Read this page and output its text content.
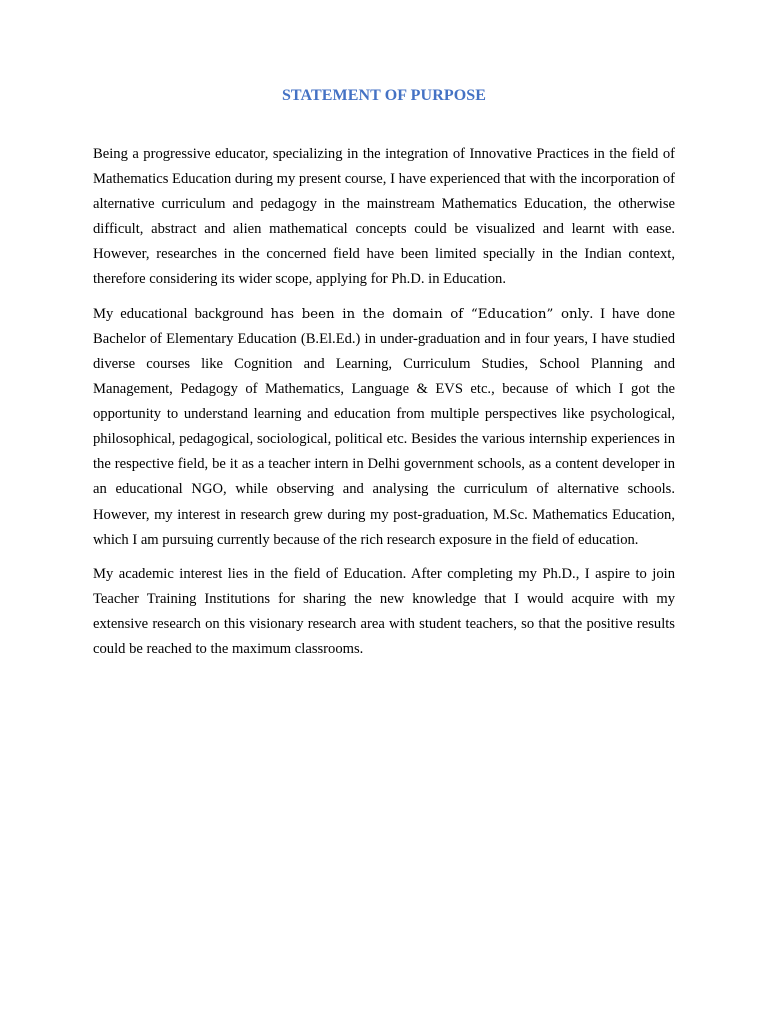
STATEMENT OF PURPOSE

Being a progressive educator, specializing in the integration of Innovative Practices in the field of Mathematics Education during my present course, I have experienced that with the incorporation of alternative curriculum and pedagogy in the mainstream Mathematics Education, the otherwise difficult, abstract and alien mathematical concepts could be visualized and learnt with ease. However, researches in the concerned field have been limited specially in the Indian context, therefore considering its wider scope, applying for Ph.D. in Education.

My educational background has been in the domain of “Education” only. I have done Bachelor of Elementary Education (B.El.Ed.) in under-graduation and in four years, I have studied diverse courses like Cognition and Learning, Curriculum Studies, School Planning and Management, Pedagogy of Mathematics, Language & EVS etc., because of which I got the opportunity to understand learning and education from multiple perspectives like psychological, philosophical, pedagogical, sociological, political etc. Besides the various internship experiences in the respective field, be it as a teacher intern in Delhi government schools, as a content developer in an educational NGO, while observing and analysing the curriculum of alternative schools. However, my interest in research grew during my post-graduation, M.Sc. Mathematics Education, which I am pursuing currently because of the rich research exposure in the field of education.

My academic interest lies in the field of Education. After completing my Ph.D., I aspire to join Teacher Training Institutions for sharing the new knowledge that I would acquire with my extensive research on this visionary research area with student teachers, so that the positive results could be reached to the maximum classrooms.
